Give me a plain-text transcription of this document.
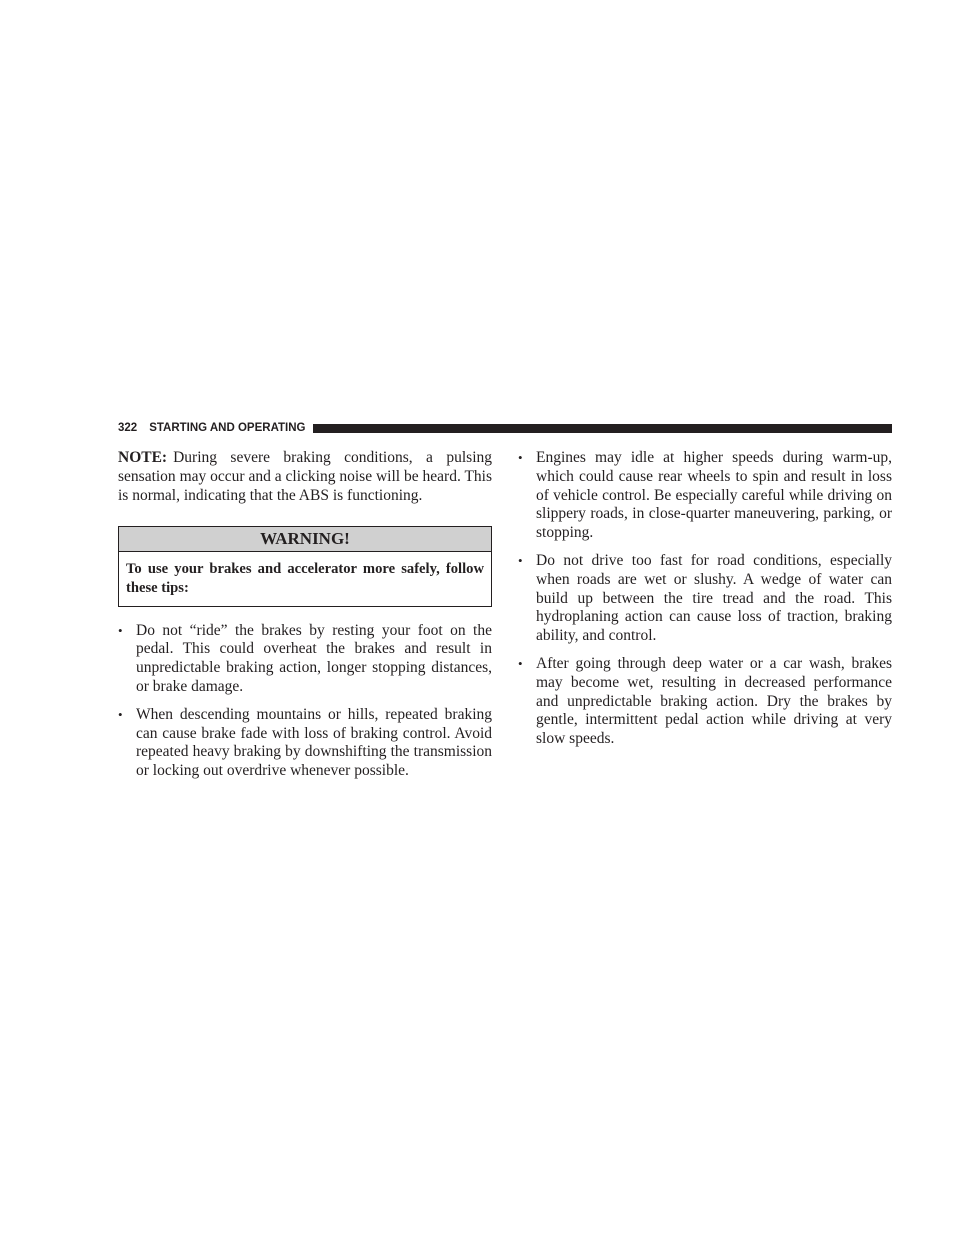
322 STARTING AND OPERATING

NOTE: During severe braking conditions, a pulsing sensation may occur and a clicking noise will be heard. This is normal, indicating that the ABS is functioning.

WARNING!
To use your brakes and accelerator more safely, follow these tips:
• Do not “ride” the brakes by resting your foot on the pedal. This could overheat the brakes and result in unpredictable braking action, longer stopping distances, or brake damage.
• When descending mountains or hills, repeated braking can cause brake fade with loss of braking control. Avoid repeated heavy braking by downshifting the transmission or locking out overdrive whenever possible.
• Engines may idle at higher speeds during warm-up, which could cause rear wheels to spin and result in loss of vehicle control. Be especially careful while driving on slippery roads, in close-quarter maneuvering, parking, or stopping.
• Do not drive too fast for road conditions, especially when roads are wet or slushy. A wedge of water can build up between the tire tread and the road. This hydroplaning action can cause loss of traction, braking ability, and control.
• After going through deep water or a car wash, brakes may become wet, resulting in decreased performance and unpredictable braking action. Dry the brakes by gentle, intermittent pedal action while driving at very slow speeds.
